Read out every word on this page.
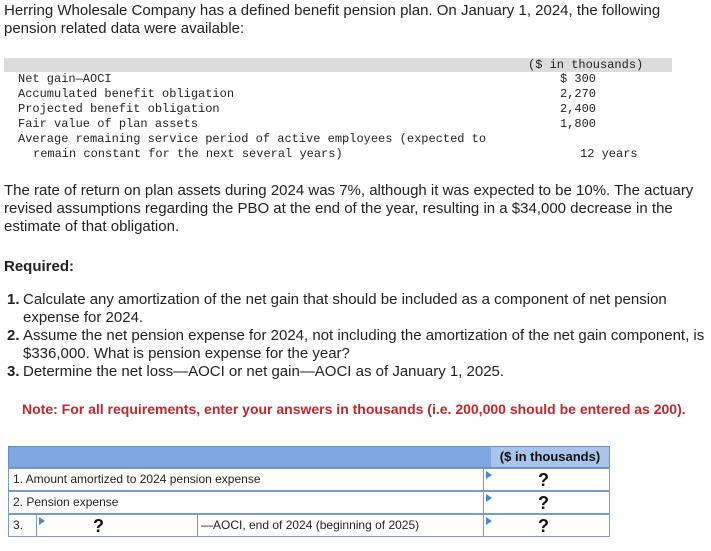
Herring Wholesale Company has a defined benefit pension plan. On January 1, 2024, the following pension related data were available:

($ in thousands)
Net gain—AOCI	$ 300
Accumulated benefit obligation	2,270
Projected benefit obligation	2,400
Fair value of plan assets	1,800
Average remaining service period of active employees (expected to
remain constant for the next several years)	12 years

The rate of return on plan assets during 2024 was 7%, although it was expected to be 10%. The actuary revised assumptions regarding the PBO at the end of the year, resulting in a $34,000 decrease in the estimate of that obligation.

Required:

1. Calculate any amortization of the net gain that should be included as a component of net pension expense for 2024.
2. Assume the net pension expense for 2024, not including the amortization of the net gain component, is $336,000. What is pension expense for the year?
3. Determine the net loss—AOCI or net gain—AOCI as of January 1, 2025.

Note: For all requirements, enter your answers in thousands (i.e. 200,000 should be entered as 200).

($ in thousands)
1. Amount amortized to 2024 pension expense	?
2. Pension expense	?
3.	?	—AOCI, end of 2024 (beginning of 2025)	?
